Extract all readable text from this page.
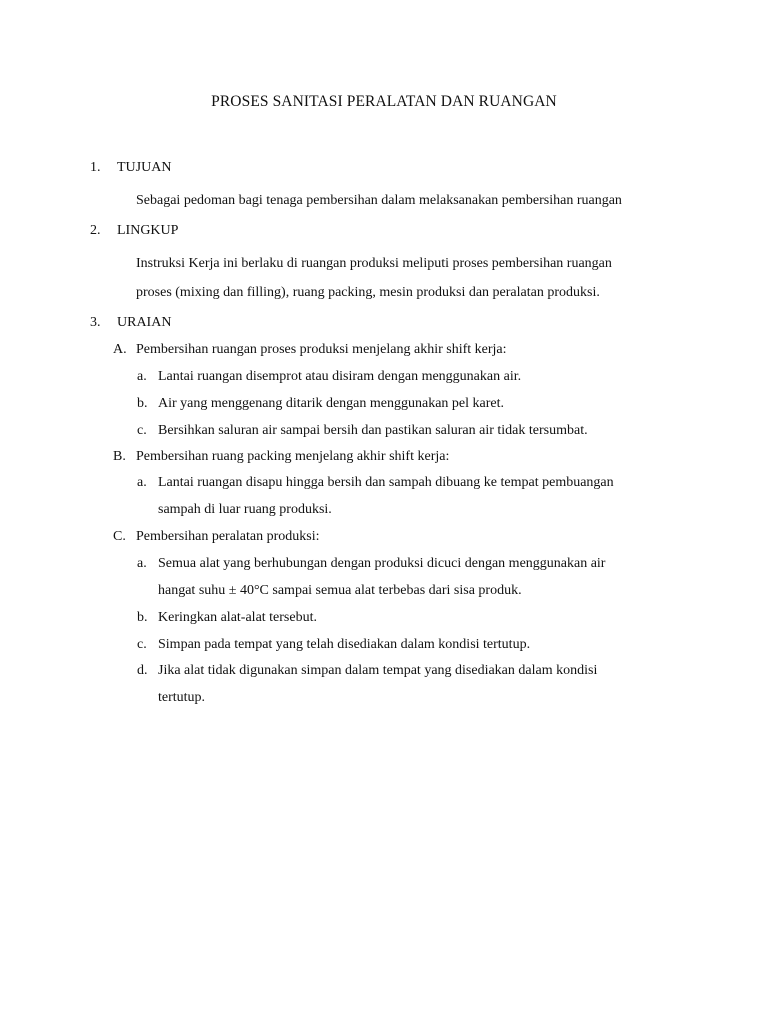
PROSES SANITASI PERALATAN DAN RUANGAN
1. TUJUAN
Sebagai pedoman bagi tenaga pembersihan dalam melaksanakan pembersihan ruangan
2. LINGKUP
Instruksi Kerja ini berlaku di ruangan produksi meliputi proses pembersihan ruangan
proses (mixing dan filling), ruang packing, mesin produksi dan peralatan produksi.
3. URAIAN
A. Pembersihan ruangan proses produksi menjelang akhir shift kerja:
a. Lantai ruangan disemprot atau disiram dengan menggunakan air.
b. Air yang menggenang ditarik dengan menggunakan pel karet.
c. Bersihkan saluran air sampai bersih dan pastikan saluran air tidak tersumbat.
B. Pembersihan ruang packing menjelang akhir shift kerja:
a. Lantai ruangan disapu hingga bersih dan sampah dibuang ke tempat pembuangan
sampah di luar ruang produksi.
C. Pembersihan peralatan produksi:
a. Semua alat yang berhubungan dengan produksi dicuci dengan menggunakan air
hangat suhu ± 40°C sampai semua alat terbebas dari sisa produk.
b. Keringkan alat-alat tersebut.
c. Simpan pada tempat yang telah disediakan dalam kondisi tertutup.
d. Jika alat tidak digunakan simpan dalam tempat yang disediakan dalam kondisi
tertutup.
